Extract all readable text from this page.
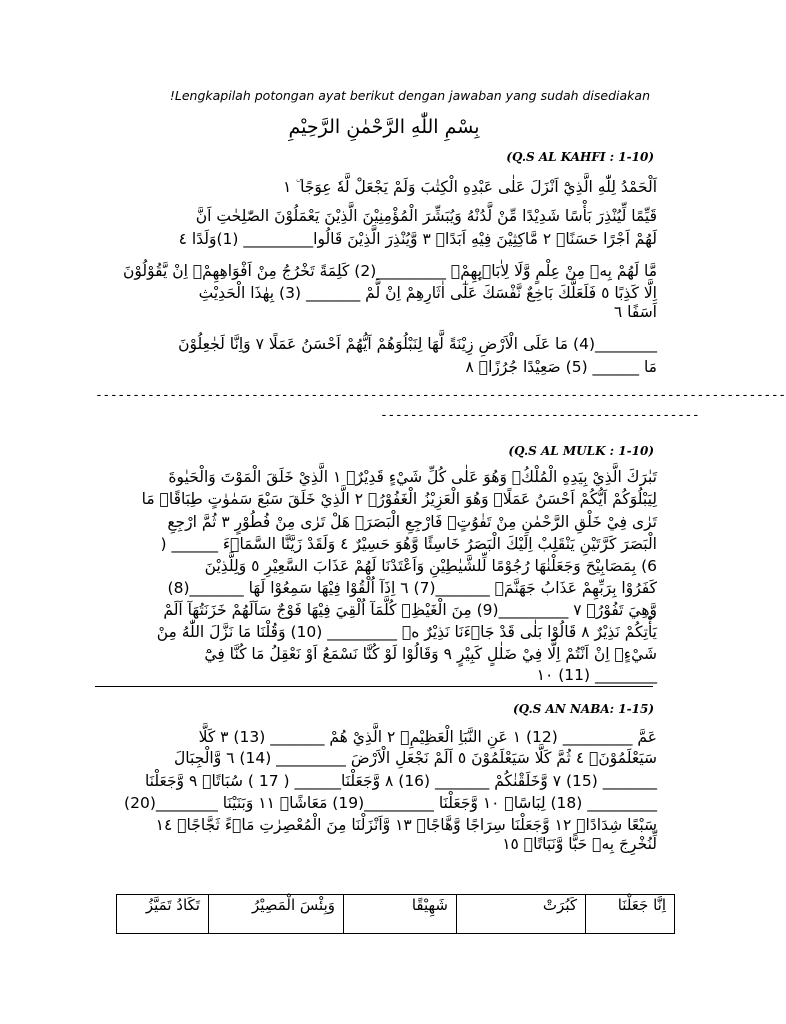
!Lengkapilah potongan ayat berikut dengan jawaban yang sudah disediakan
بِسْمِ اللّٰهِ الرَّحْمٰنِ الرَّحِيْمِ
(Q.S AL KAHFI : 1-10)
اَلْحَمْدُ لِلّٰهِ الَّذِيْٓ اَنْزَلَ عَلٰى عَبْدِهِ الْكِتٰبَ وَلَمْ يَجْعَلْ لَّهٗ عِوَجًا ۜ ١
قَيِّمًا لِّيُنْذِرَ بَأْسًا شَدِيْدًا مِّنْ لَّدُنْهُ وَيُبَشِّرَ الْمُؤْمِنِيْنَ الَّذِيْنَ يَعْمَلُوْنَ الصّٰلِحٰتِ اَنَّ
لَهُمْ اَجْرًا حَسَنًاۙ ٢ مَّاكِثِيْنَ فِيْهِ اَبَدًاۙ ٣ وَّيُنْذِرَ الَّذِيْنَ قَالُوا_________ (1)وَلَدًا ٤
مَّا لَهُمْ بِهٖ مِنْ عِلْمٍ وَّلَا لِاٰبَاۤىِٕهِمْۗ _________(2) كَلِمَةً تَخْرُجُ مِنْ اَفْوَاهِهِمْۗ اِنْ يَّقُوْلُوْنَ
اِلَّا كَذِبًا ٥ فَلَعَلَّكَ بَاخِعٌ نَّفْسَكَ عَلٰٓى اٰثَارِهِمْ اِنْ لَّمْ _______ (3) بِهٰذَا الْحَدِيْثِ
اَسَفًا ٦
________(4) مَا عَلَى الْاَرْضِ زِيْنَةً لَّهَا لِنَبْلُوَهُمْ اَيُّهُمْ اَحْسَنُ عَمَلًا ٧ وَاِنَّا لَجٰعِلُوْنَ
مَا ______ (5) صَعِيْدًا جُرُزًاۗ ٨
---------------------------------------------------------------------------------------------
-------------------------------------------
(Q.S AL MULK : 1-10)
تَبٰرَكَ الَّذِيْ بِيَدِهِ الْمُلْكُۖ وَهُوَ عَلٰى كُلِّ شَيْءٍ قَدِيْرٌۙ ١ الَّذِيْ خَلَقَ الْمَوْتَ وَالْحَيٰوةَ
لِيَبْلُوَكُمْ اَيُّكُمْ اَحْسَنُ عَمَلًاۗ وَهُوَ الْعَزِيْزُ الْغَفُوْرُۙ ٢ الَّذِيْ خَلَقَ سَبْعَ سَمٰوٰتٍ طِبَاقًاۗ مَا
تَرٰى فِيْ خَلْقِ الرَّحْمٰنِ مِنْ تَفٰوُتٍۗ فَارْجِعِ الْبَصَرَۙ هَلْ تَرٰى مِنْ فُطُوْرٍ ٣ ثُمَّ ارْجِعِ
الْبَصَرَ كَرَّتَيْنِ يَنْقَلِبْ اِلَيْكَ الْبَصَرُ خَاسِئًا وَّهُوَ حَسِيْرٌ ٤ وَلَقَدْ زَيَّنَّا السَّمَاۤءَ ______ (
6) بِمَصَابِيْحَ وَجَعَلْنٰهَا رُجُوْمًا لِّلشَّيٰطِيْنِ وَاَعْتَدْنَا لَهُمْ عَذَابَ السَّعِيْرِ ٥ وَلِلَّذِيْنَ
كَفَرُوْا بِرَبِّهِمْ عَذَابُ جَهَنَّمَۗ _______(7) ٦ اِذَآ اُلْقُوْا فِيْهَا سَمِعُوْا لَهَا _______(8)
وَّهِيَ تَفُوْرُۙ ٧ _________(9) مِنَ الْغَيْظِۗ كُلَّمَآ اُلْقِيَ فِيْهَا فَوْجٌ سَاَلَهُمْ خَزَنَتُهَآ اَلَمْ
يَأْتِكُمْ نَذِيْرٌ ٨ قَالُوْا بَلٰى قَدْ جَاۤءَنَا نَذِيْرٌ ەۙ _________ (10) وَقُلْنَا مَا نَزَّلَ اللّٰهُ مِنْ
شَيْءٍۖ اِنْ اَنْتُمْ اِلَّا فِيْ ضَلٰلٍ كَبِيْرٍ ٩ وَقَالُوْا لَوْ كُنَّا نَسْمَعُ اَوْ نَعْقِلُ مَا كُنَّا فِيْٓ
________ (11) ١٠
(Q.S AN NABA: 1-15)
عَمَّ _________ (12) ١ عَنِ النَّبَاِ الْعَظِيْمِۙ ٢ الَّذِيْ هُمْ _______ (13) ٣ كَلَّا
سَيَعْلَمُوْنَۙ ٤ ثُمَّ كَلَّا سَيَعْلَمُوْنَ ٥ اَلَمْ نَجْعَلِ الْاَرْضَ _________ (14) ٦ وَّالْجِبَالَ
_______ (15) ٧ وَّخَلَقْنٰكُمْ _______ (16) ٨ وَّجَعَلْنَا______ ( 17 ) سُبَاتًاۙ ٩ وَّجَعَلْنَا
_________ (18) لِبَاسًاۙ ١٠ وَّجَعَلْنَا _________(19) مَعَاشًاۖ ١١ وَبَنَيْنَا ________(20)
سَبْعًا شِدَادًاۙ ١٢ وَّجَعَلْنَا سِرَاجًا وَّهَّاجًاۖ ١٣ وَّاَنْزَلْنَا مِنَ الْمُعْصِرٰتِ مَاۤءً ثَجَّاجًاۙ ١٤
لِّنُخْرِجَ بِهٖ حَبًّا وَّنَبَاتًاۙ ١٥
اِنَّا جَعَلْنَا	كَبُرَتْ	شَهِيْقًا	وَبِئْسَ الْمَصِيْرُ	تَكَادُ تَمَيَّزُ
